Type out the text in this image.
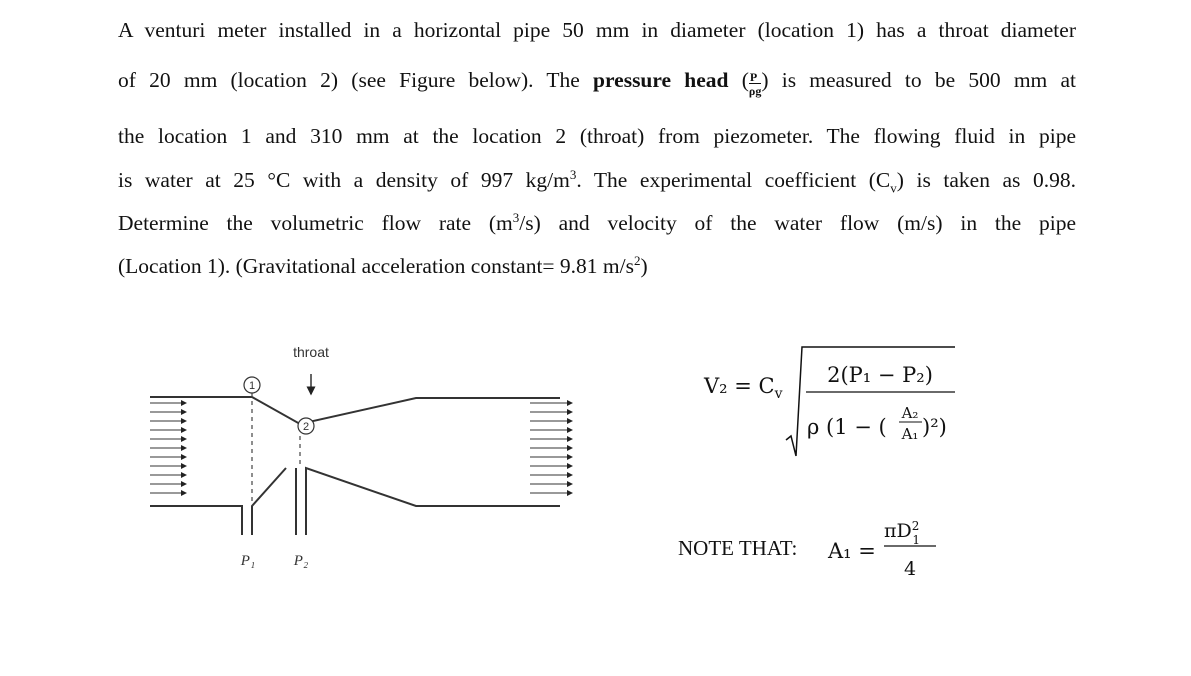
A venturi meter installed in a horizontal pipe 50 mm in diameter (location 1) has a throat diameter
of 20 mm (location 2) (see Figure below). The pressure head ( $\frac{P}{\rho g}$ ) is measured to be 500 mm at
the location 1 and 310 mm at the location 2 (throat) from piezometer. The flowing fluid in pipe
is water at 25 °C with a density of 997 $kg/m^3$. The experimental coefficient $(C_v)$ is taken as 0.98.
Determine the volumetric flow rate $(m^3/s)$ and velocity of the water flow (m/s) in the pipe
(Location 1). (Gravitational acceleration constant= 9.81 $m/s^2$)
1
2
throat
P₁	P₂
$V_2 = C_v$
2(P₁ − P₂)
ρ (1 − (
A₂
A₁ )²)
A₁ =
$\pi D^2$ 1
4
NOTE THAT:
